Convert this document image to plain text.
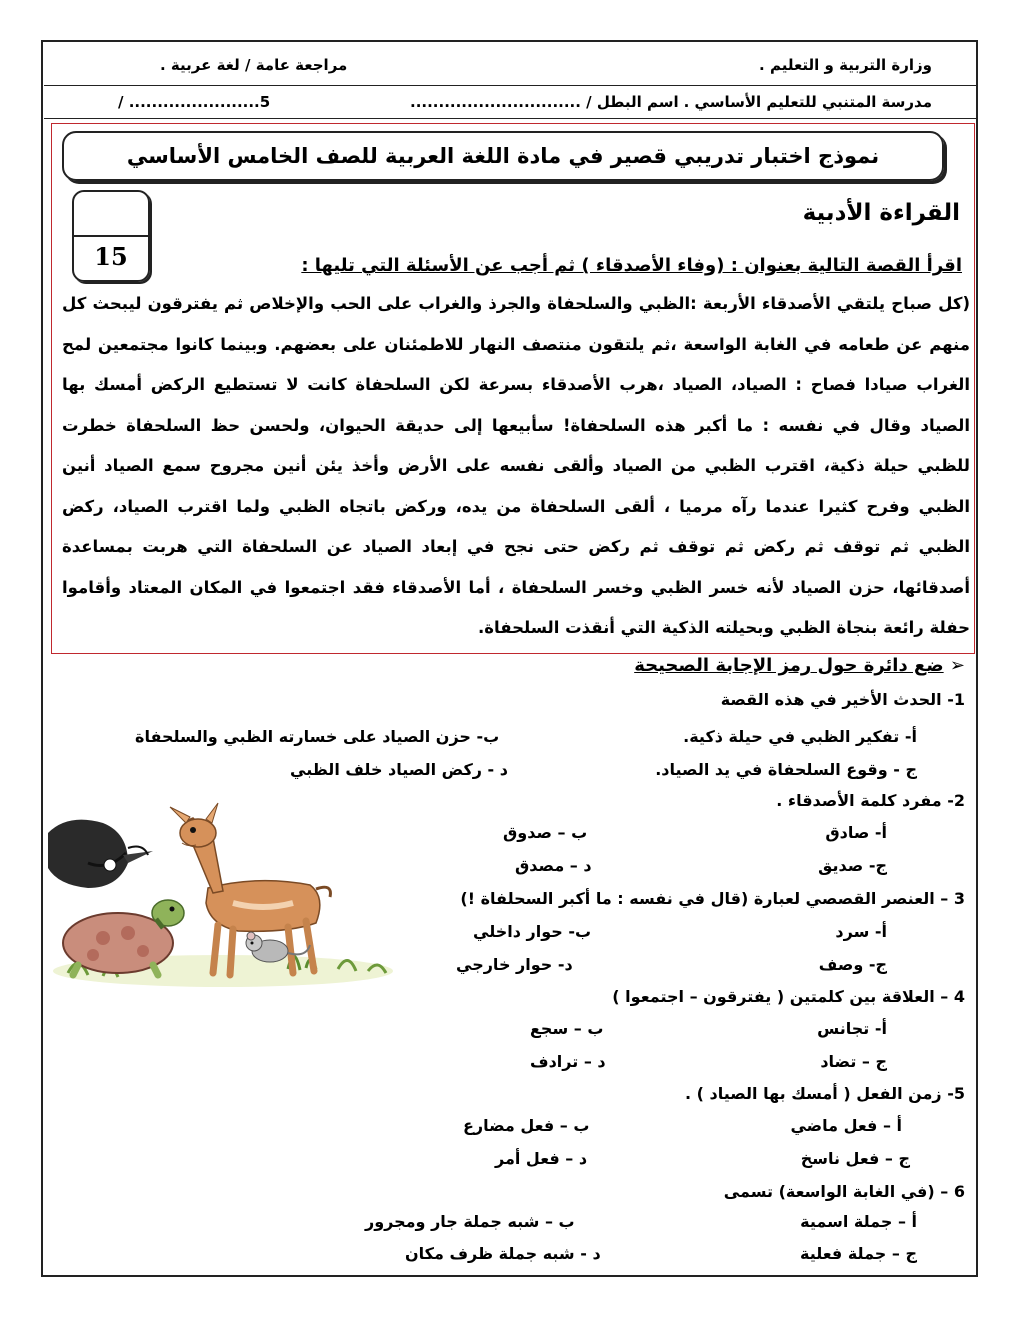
وزارة التربية و التعليم .
مراجعة عامة / لغة عربية .
مدرسة المتنبي للتعليم الأساسي .
اسم البطل / ..............................
5....................... /
نموذج اختبار تدريبي قصير في مادة اللغة العربية للصف الخامس الأساسي
15
القراءة الأدبية
اقرأ القصة التالية بعنوان : (وفاء الأصدقاء ) ثم أجب عن الأسئلة التي تليها :
(كل صباح يلتقي الأصدقاء الأربعة :الظبي والسلحفاة والجرذ والغراب على الحب والإخلاص ثم يفترقون ليبحث كل منهم عن طعامه في الغابة الواسعة ،ثم يلتقون منتصف النهار للاطمئنان على بعضهم. وبينما كانوا مجتمعين لمح الغراب صيادا فصاح : الصياد، الصياد ،هرب الأصدقاء بسرعة لكن السلحفاة كانت لا تستطيع الركض أمسك بها الصياد وقال في نفسه : ما أكبر هذه السلحفاة! سأبيعها إلى حديقة الحيوان، ولحسن حظ السلحفاة خطرت للظبي حيلة ذكية، اقترب الظبي من الصياد وألقى نفسه على الأرض وأخذ يئن أنين مجروح سمع الصياد أنين الظبي وفرح كثيرا عندما رآه مرميا ، ألقى السلحفاة من يده، وركض باتجاه الظبي ولما اقترب الصياد، ركض الظبي ثم توقف ثم ركض ثم توقف ثم ركض حتى نجح في إبعاد الصياد عن السلحفاة التي هربت بمساعدة أصدقائها، حزن الصياد لأنه خسر الظبي وخسر السلحفاة ، أما الأصدقاء فقد اجتمعوا في المكان المعتاد وأقاموا حفلة رائعة بنجاة الظبي وبحيلته الذكية التي أنقذت السلحفاة.
➢ ضع دائرة حول رمز الإجابة الصحيحة
1- الحدث الأخير في هذه القصة
أ- تفكير الظبي في حيلة ذكية.
ب- حزن الصياد على خسارته الظبي والسلحفاة
ج - وقوع السلحفاة في يد الصياد.
د - ركض الصياد خلف الظبي
2- مفرد كلمة الأصدقاء .
أ- صادق
ب – صدوق
ج- صديق
د – مصدق
3 – العنصر القصصي لعبارة (قال في نفسه : ما أكبر السحلفاة !)
أ- سرد
ب- حوار داخلي
ج- وصف
د- حوار خارجي
4 – العلاقة بين كلمتين ( يفترقون – اجتمعوا )
أ- تجانس
ب – سجع
ج – تضاد
د – ترادف
5- زمن الفعل ( أمسك بها الصياد ) .
أ – فعل ماضي
ب – فعل مضارع
ج – فعل ناسخ
د – فعل أمر
6 – (في الغابة الواسعة) تسمى
أ – جملة اسمية
ب – شبه جملة جار ومجرور
ج – جملة فعلية
د - شبه جملة ظرف مكان
